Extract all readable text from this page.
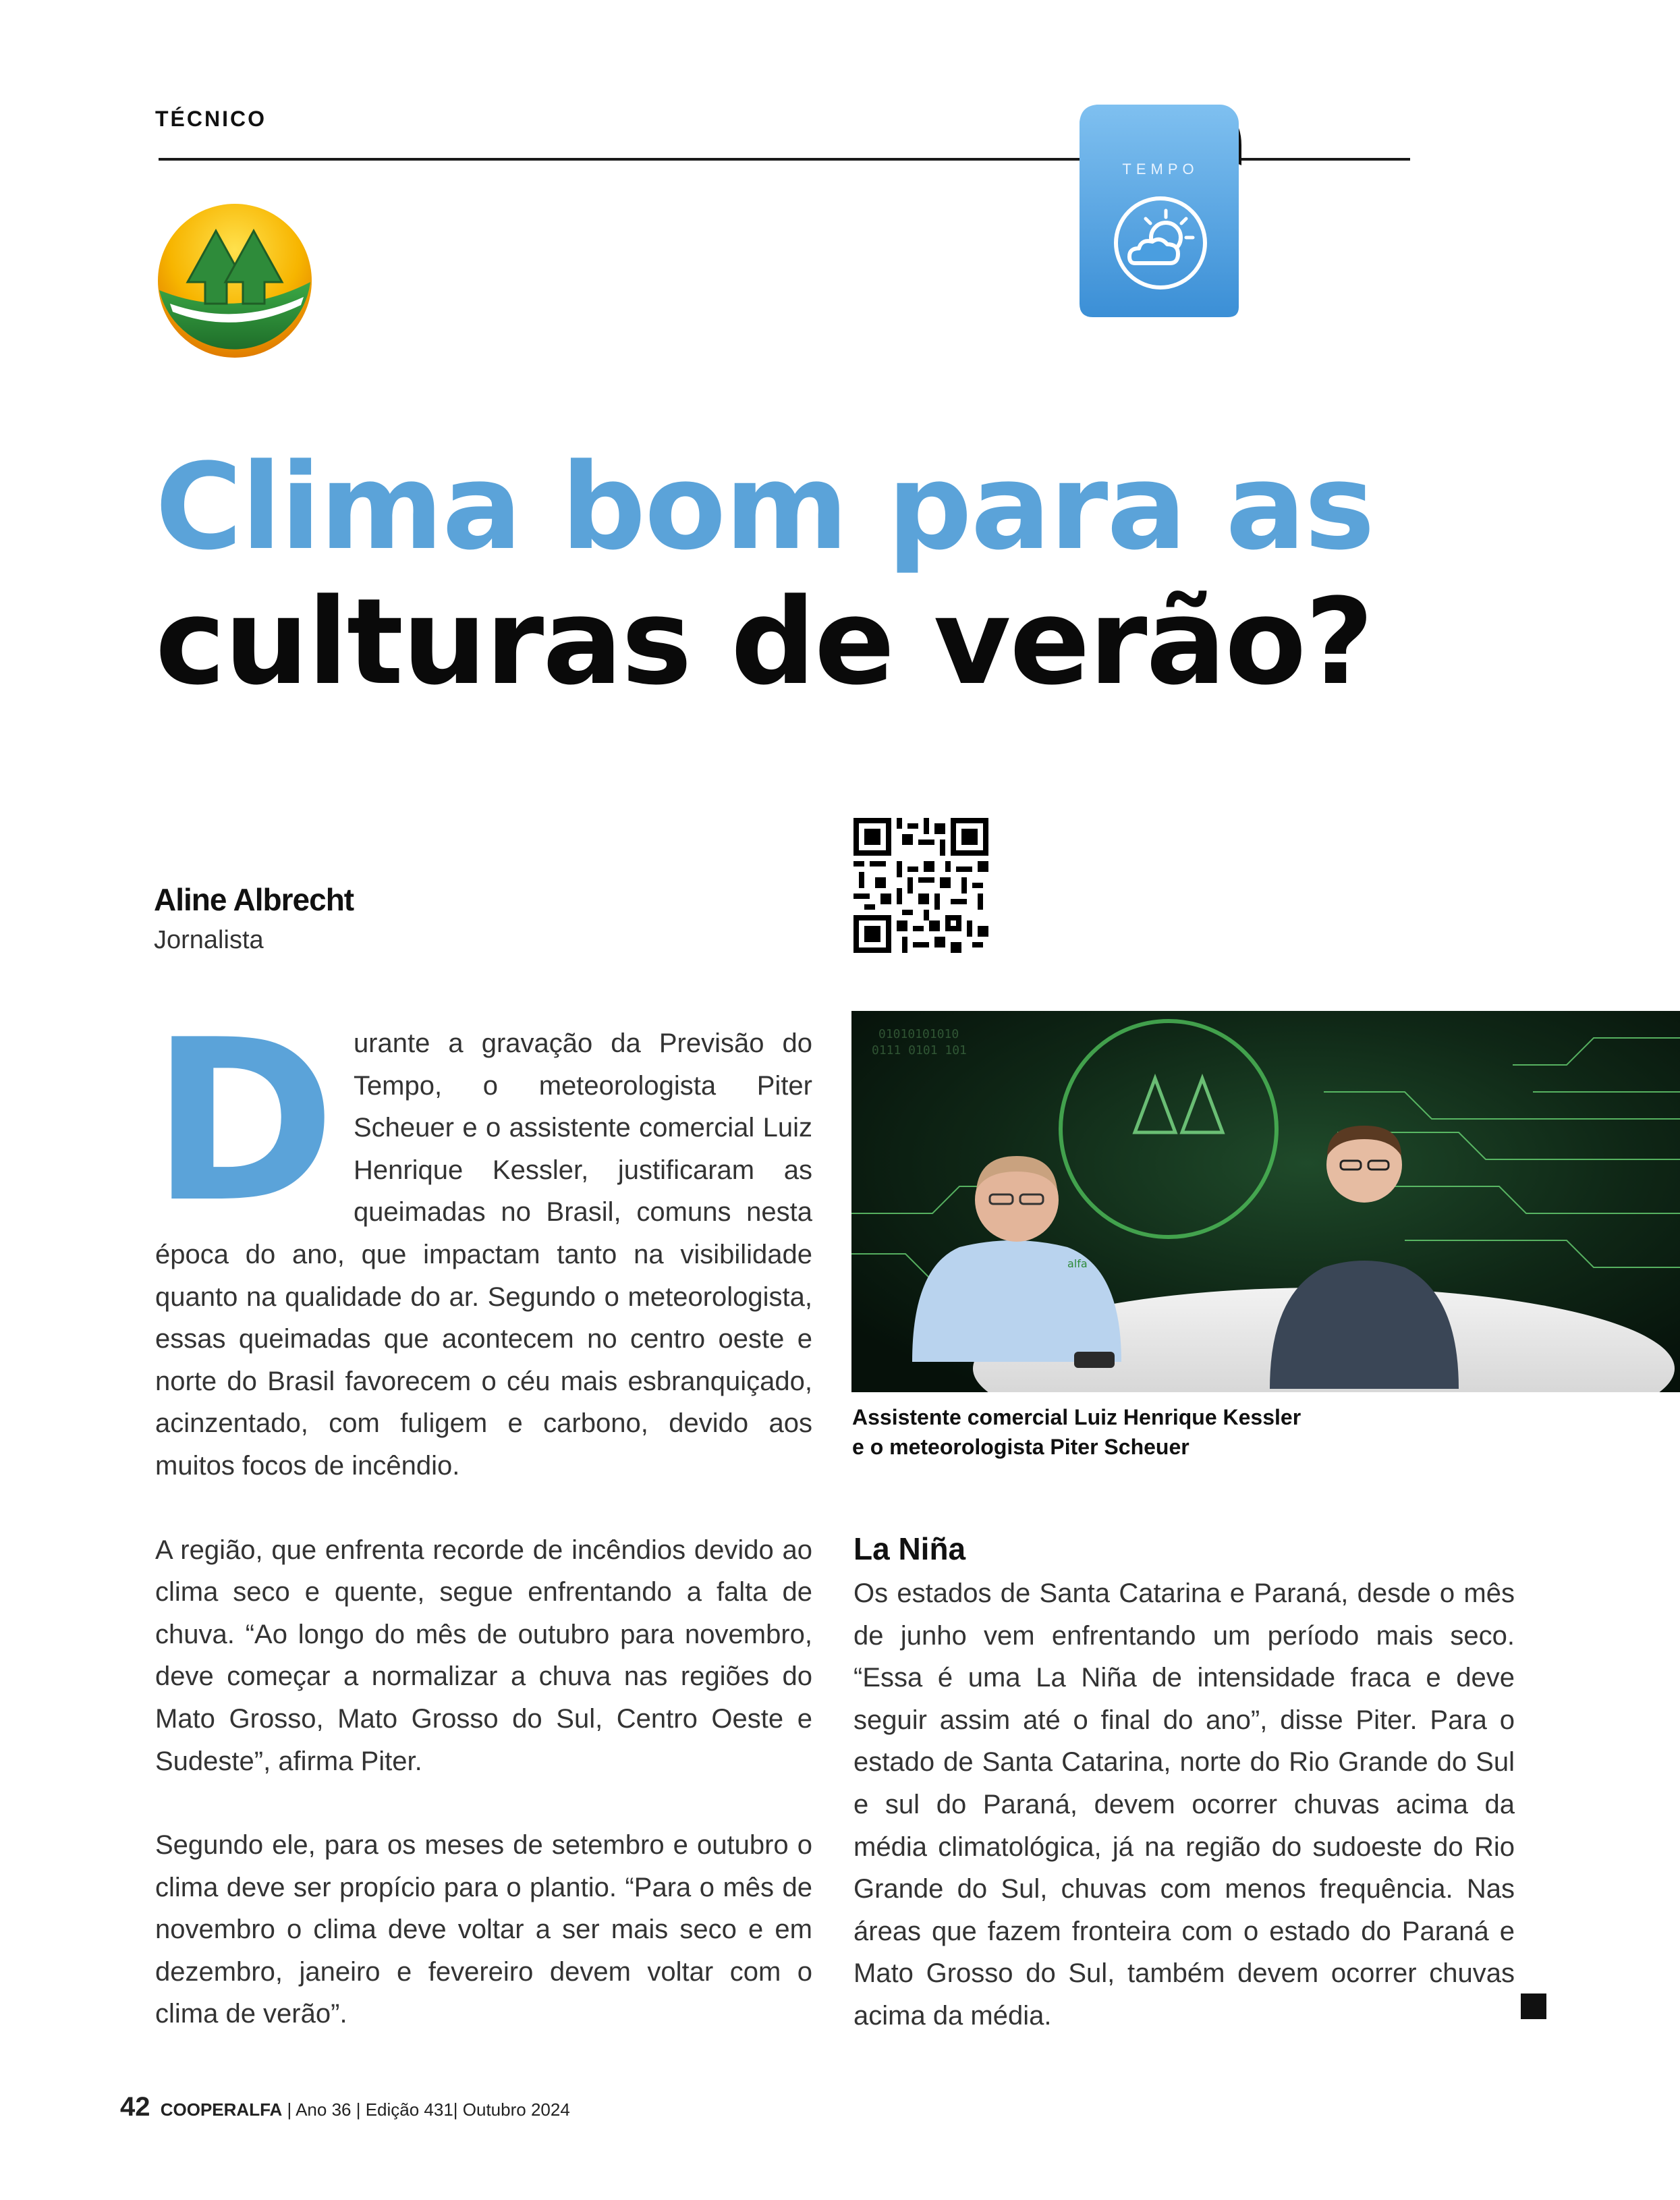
TÉCNICO
TEMPO
Clima bom para as
culturas de verão?
Aline Albrecht
Jornalista

Durante a gravação da Previsão do Tempo, o meteorologista Piter Scheuer e o assistente comercial Luiz Henrique Kessler, justificaram as queimadas no Brasil, comuns nesta época do ano, que impactam tanto na visibilidade quanto na qualidade do ar. Segundo o meteorologista, essas queimadas que acontecem no centro oeste e norte do Brasil favorecem o céu mais esbranquiçado, acinzentado, com fuligem e carbono, devido aos muitos focos de incêndio.

A região, que enfrenta recorde de incêndios devido ao clima seco e quente, segue enfrentando a falta de chuva. “Ao longo do mês de outubro para novembro, deve começar a normalizar a chuva nas regiões do Mato Grosso, Mato Grosso do Sul, Centro Oeste e Sudeste”, afirma Piter.

Segundo ele, para os meses de setembro e outubro o clima deve ser propício para o plantio. “Para o mês de novembro o clima deve voltar a ser mais seco e em dezembro, janeiro e fevereiro devem voltar com o clima de verão”.

01010101010
0111 0101 101
alfa
Assistente comercial Luiz Henrique Kessler
e o meteorologista Piter Scheuer
La Niña

Os estados de Santa Catarina e Paraná, desde o mês de junho vem enfrentando um período mais seco. “Essa é uma La Niña de intensidade fraca e deve seguir assim até o final do ano”, disse Piter. Para o estado de Santa Catarina, norte do Rio Grande do Sul e sul do Paraná, devem ocorrer chuvas acima da média climatológica, já na região do sudoeste do Rio Grande do Sul, chuvas com menos frequência. Nas áreas que fazem fronteira com o estado do Paraná e Mato Grosso do Sul, também devem ocorrer chuvas acima da média.

42 COOPERALFA | Ano 36 | Edição 431| Outubro 2024
